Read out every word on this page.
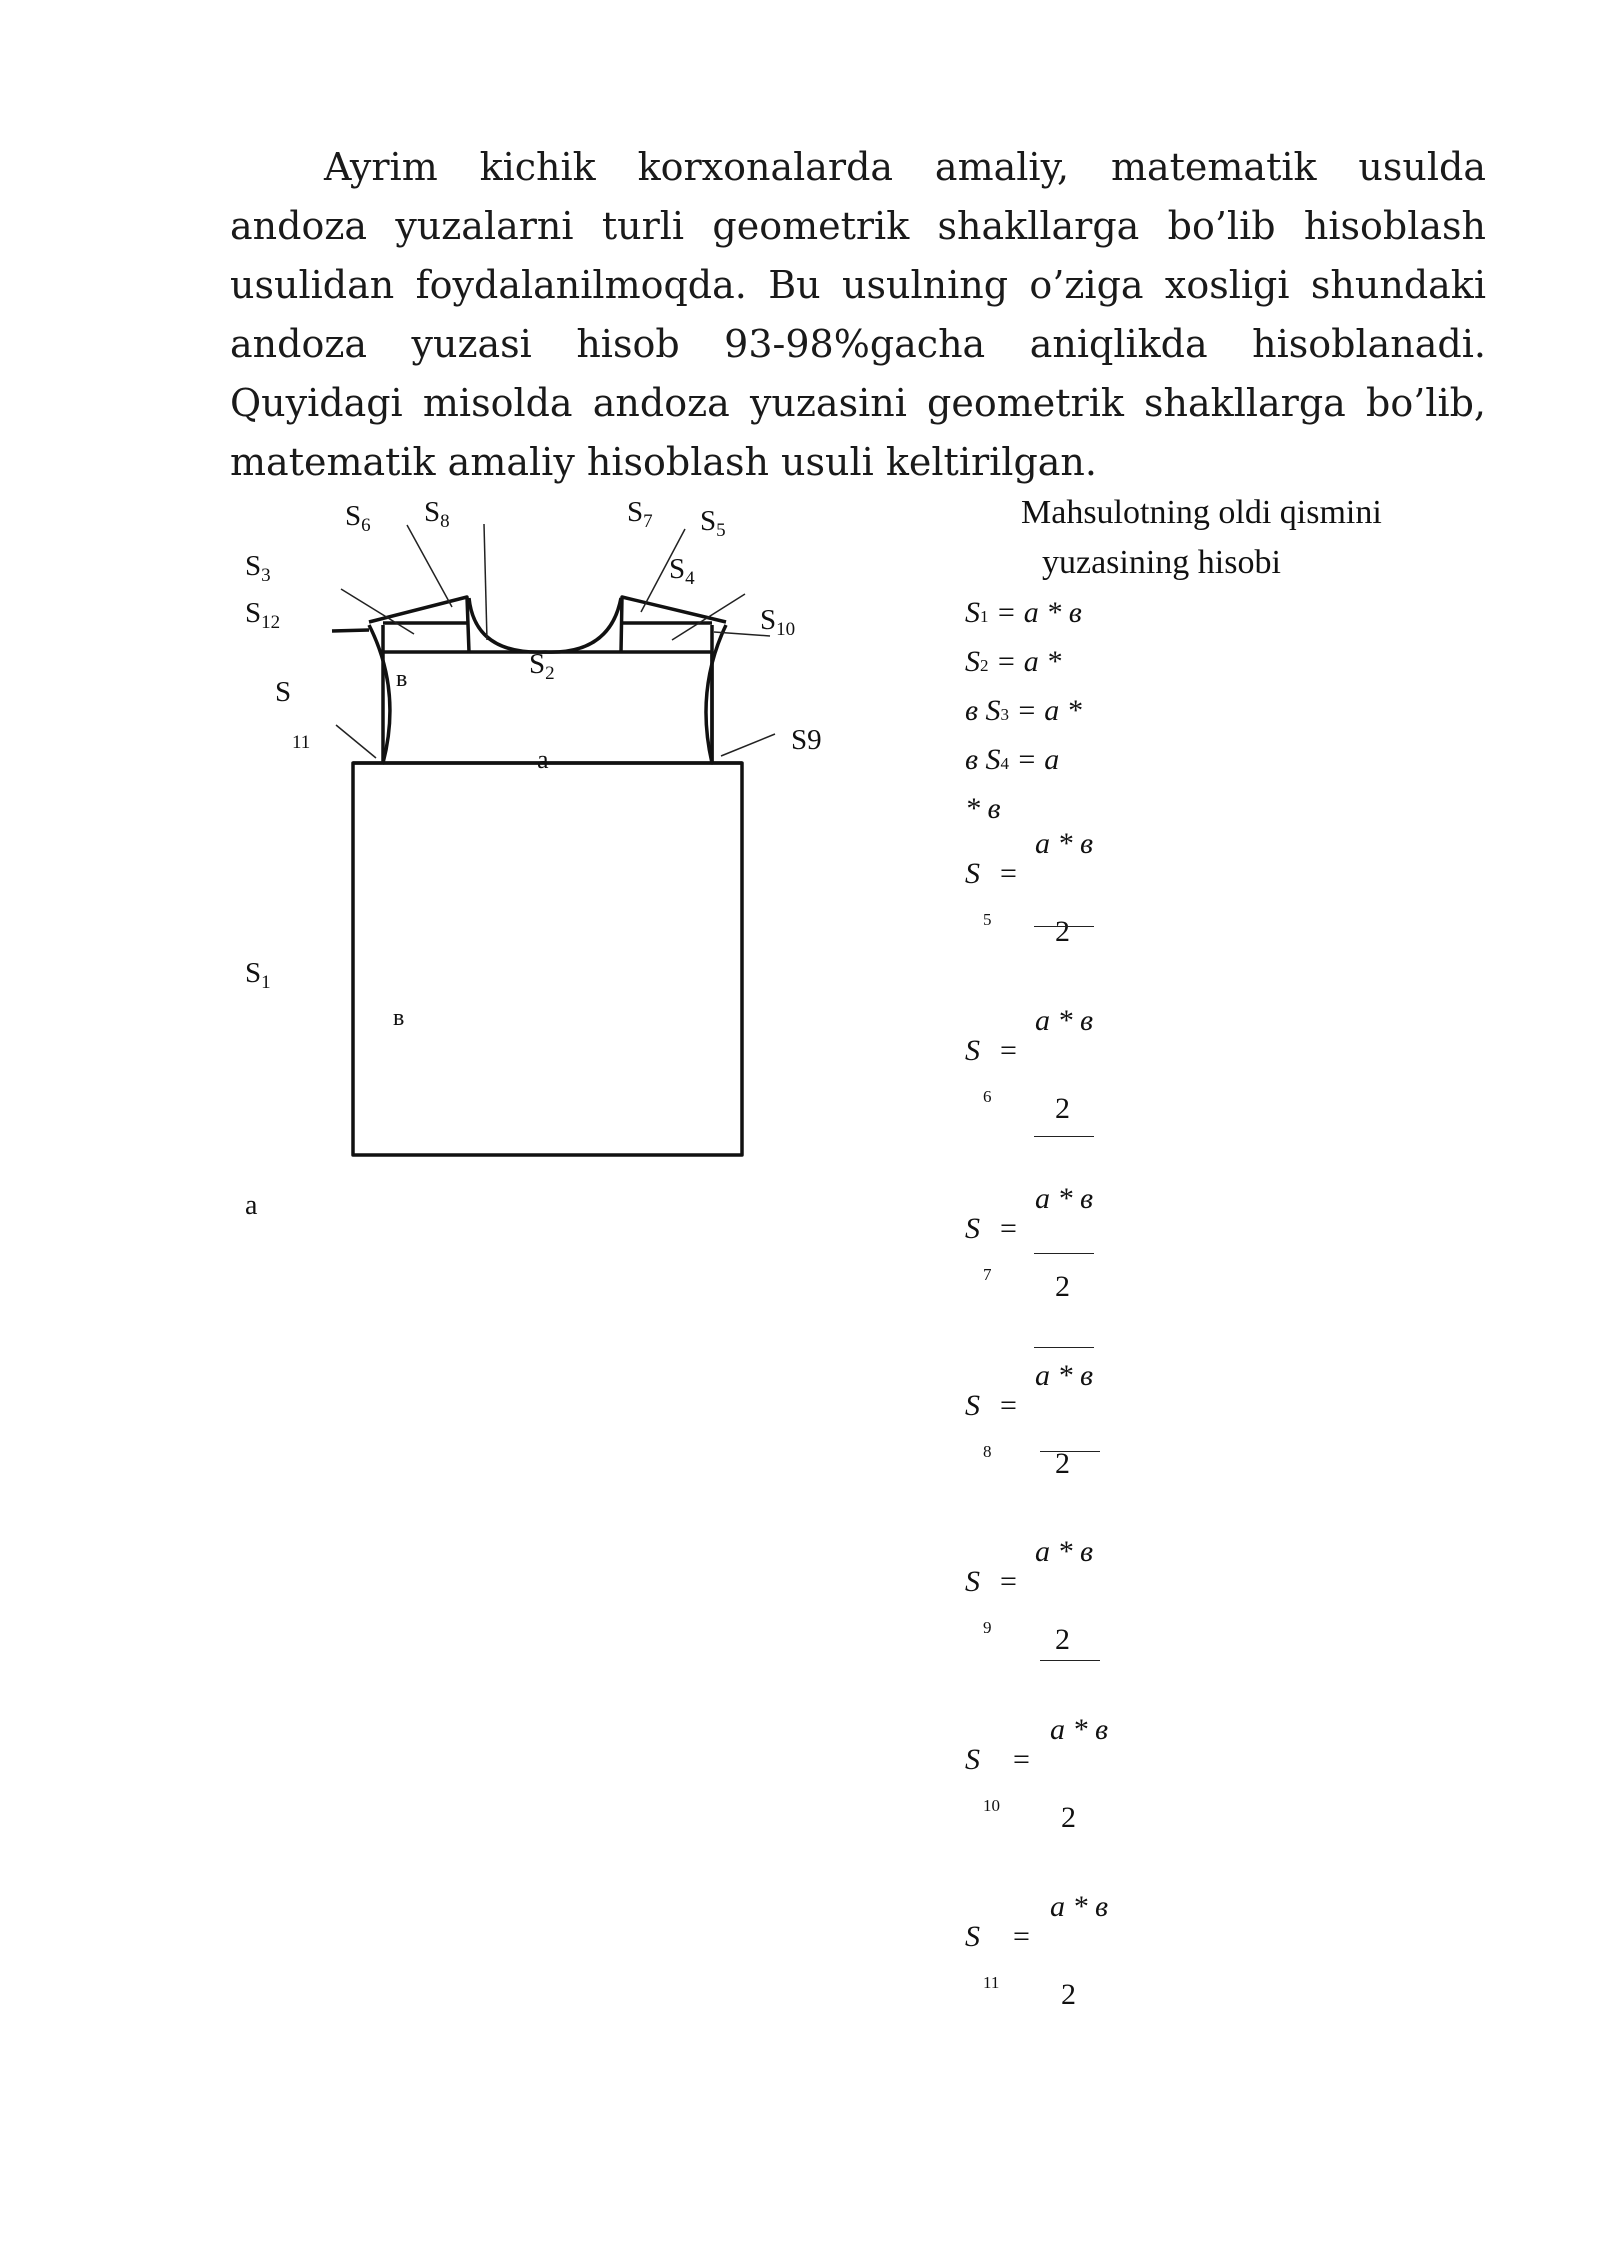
Ayrim kichik korxonalarda amaliy, matematik usulda andoza yuzalarni turli geometrik shakllarga bo’lib hisoblash usulidan foydalanilmoqda. Bu usulning o’ziga xosligi shundaki andoza yuzasi hisob 93-98%gacha aniqlikda hisoblanadi. Quyidagi misolda andoza yuzasini geometrik shakllarga bo’lib, matematik amaliy hisoblash usuli keltirilgan.
$S_6$ $S_8$	$S_7$ $S_5$
$S_3$	$S_4$
$S_{12}$	$S_{10}$
$S_2$
S
11	S9
$S_1$
в
a
в
a
Mahsulotning oldi qismini
yuzasining hisobi
S1 = a * в
S2 = a *
в S3 = a *
в S4 = a
* в
S =
5
a * в
2
S =
6
a * в
2
S =
7
a * в
2
S =
8
a * в
2
S =
9
a * в
2
S =
10
a * в
2
S =
11
a * в
2
